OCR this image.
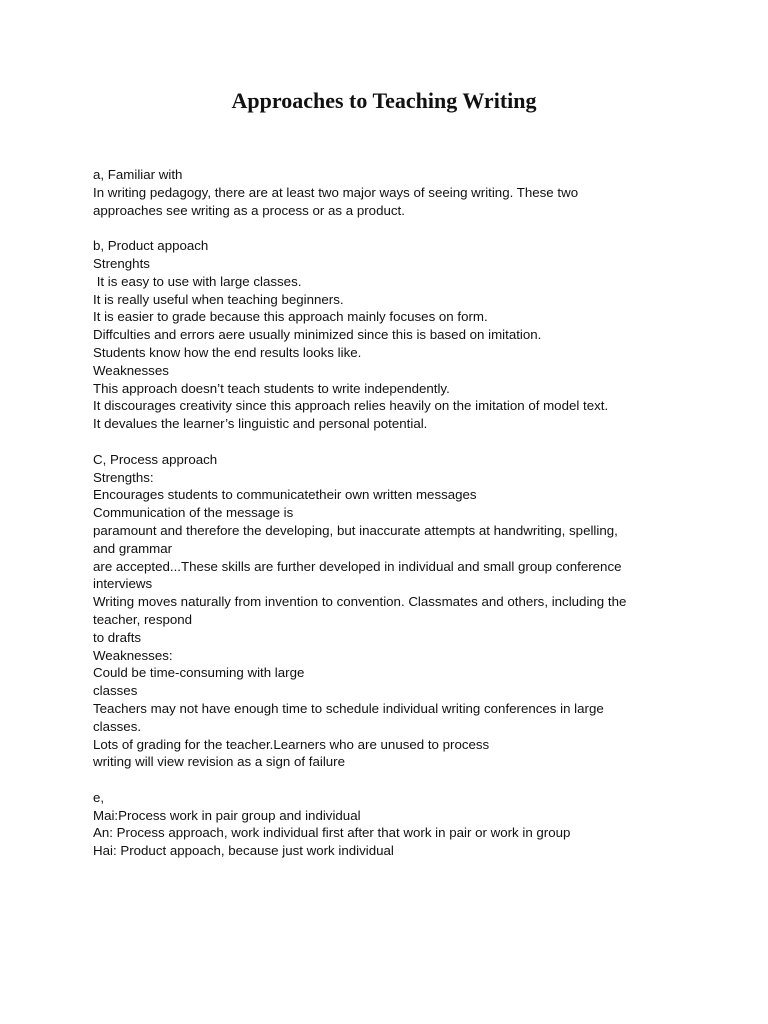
Approaches to Teaching Writing
a, Familiar with
In writing pedagogy, there are at least two major ways of seeing writing. These two
approaches see writing as a process or as a product.
b, Product appoach
Strenghts
It is easy to use with large classes.
It is really useful when teaching beginners.
It is easier to grade because this approach mainly focuses on form.
Diffculties and errors aere usually minimized since this is based on imitation.
Students know how the end results looks like.
Weaknesses
This approach doesn’t teach students to write independently.
It discourages creativity since this approach relies heavily on the imitation of model text.
It devalues the learner’s linguistic and personal potential.
C, Process approach
Strengths:
Encourages students to communicatetheir own written messages
Communication of the message is
paramount and therefore the developing, but inaccurate attempts at handwriting, spelling,
and grammar
are accepted...These skills are further developed in individual and small group conference
interviews
Writing moves naturally from invention to convention. Classmates and others, including the
teacher, respond
to drafts
Weaknesses:
Could be time-consuming with large
classes
Teachers may not have enough time to schedule individual writing conferences in large
classes.
Lots of grading for the teacher.Learners who are unused to process
writing will view revision as a sign of failure
e,
Mai:Process work in pair group and individual
An: Process approach, work individual first after that work in pair or work in group
Hai: Product appoach, because just work individual
